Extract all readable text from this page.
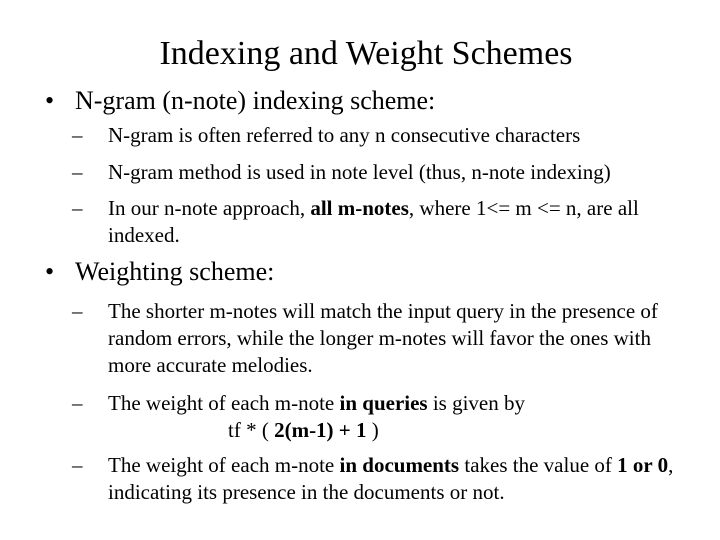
Indexing and Weight Schemes
• N-gram (n-note) indexing scheme:
– N-gram is often referred to any n consecutive characters
– N-gram method is used in note level (thus, n-note indexing)
– In our n-note approach, all m-notes, where 1<= m <= n, are all indexed.
• Weighting scheme:
– The shorter m-notes will match the input query in the presence of random errors, while the longer m-notes will favor the ones with more accurate melodies.
– The weight of each m-note in queries is given by
tf * ( 2(m-1) + 1 )
– The weight of each m-note in documents takes the value of 1 or 0, indicating its presence in the documents or not.
